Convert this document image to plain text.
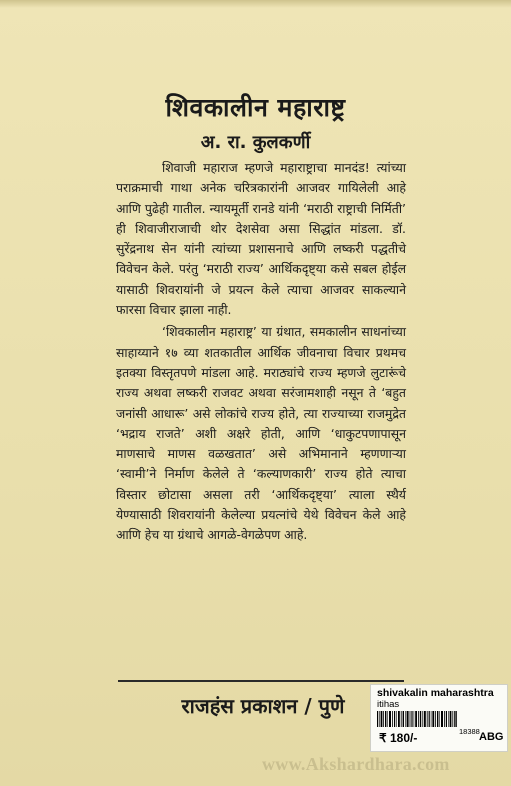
शिवकालीन महाराष्ट्र
अ. रा. कुलकर्णी

शिवाजी महाराज म्हणजे महाराष्ट्राचा मानदंड! त्यांच्या पराक्रमाची गाथा अनेक चरित्रकारांनी आजवर गायिलेली आहे आणि पुढेही गातील. न्यायमूर्ती रानडे यांनी ‘मराठी राष्ट्राची निर्मिती’ ही शिवाजीराजाची थोर देशसेवा असा सिद्धांत मांडला. डॉ. सुरेंद्रनाथ सेन यांनी त्यांच्या प्रशासनाचे आणि लष्करी पद्धतीचे विवेचन केले. परंतु ‘मराठी राज्य’ आर्थिकदृष्ट्या कसे सबल होईल यासाठी शिवरायांनी जे प्रयत्न केले त्याचा आजवर साकल्याने फारसा विचार झाला नाही.

‘शिवकालीन महाराष्ट्र’ या ग्रंथात, समकालीन साधनांच्या साहाय्याने १७ व्या शतकातील आर्थिक जीवनाचा विचार प्रथमच इतक्या विस्तृतपणे मांडला आहे. मराठ्यांचे राज्य म्हणजे लुटारूंचे राज्य अथवा लष्करी राजवट अथवा सरंजामशाही नसून ते ‘बहुत जनांसी आधारू’ असे लोकांचे राज्य होते, त्या राज्याच्या राजमुद्रेत ‘भद्राय राजते’ अशी अक्षरे होती, आणि ‘धाकुटपणापासून माणसाचे माणस वळखतात’ असे अभिमानाने म्हणणाऱ्या ‘स्वामी’ने निर्माण केलेले ते ‘कल्याणकारी’ राज्य होते त्याचा विस्तार छोटासा असला तरी ‘आर्थिकदृष्ट्या’ त्याला स्थैर्य येण्यासाठी शिवरायांनी केलेल्या प्रयत्नांचे येथे विवेचन केले आहे आणि हेच या ग्रंथाचे आगळे-वेगळेपण आहे.

राजहंस प्रकाशन / पुणे
shivakalin maharashtra
itihas
18388
₹ 180/-	ABG
www.Akshardhara.com
